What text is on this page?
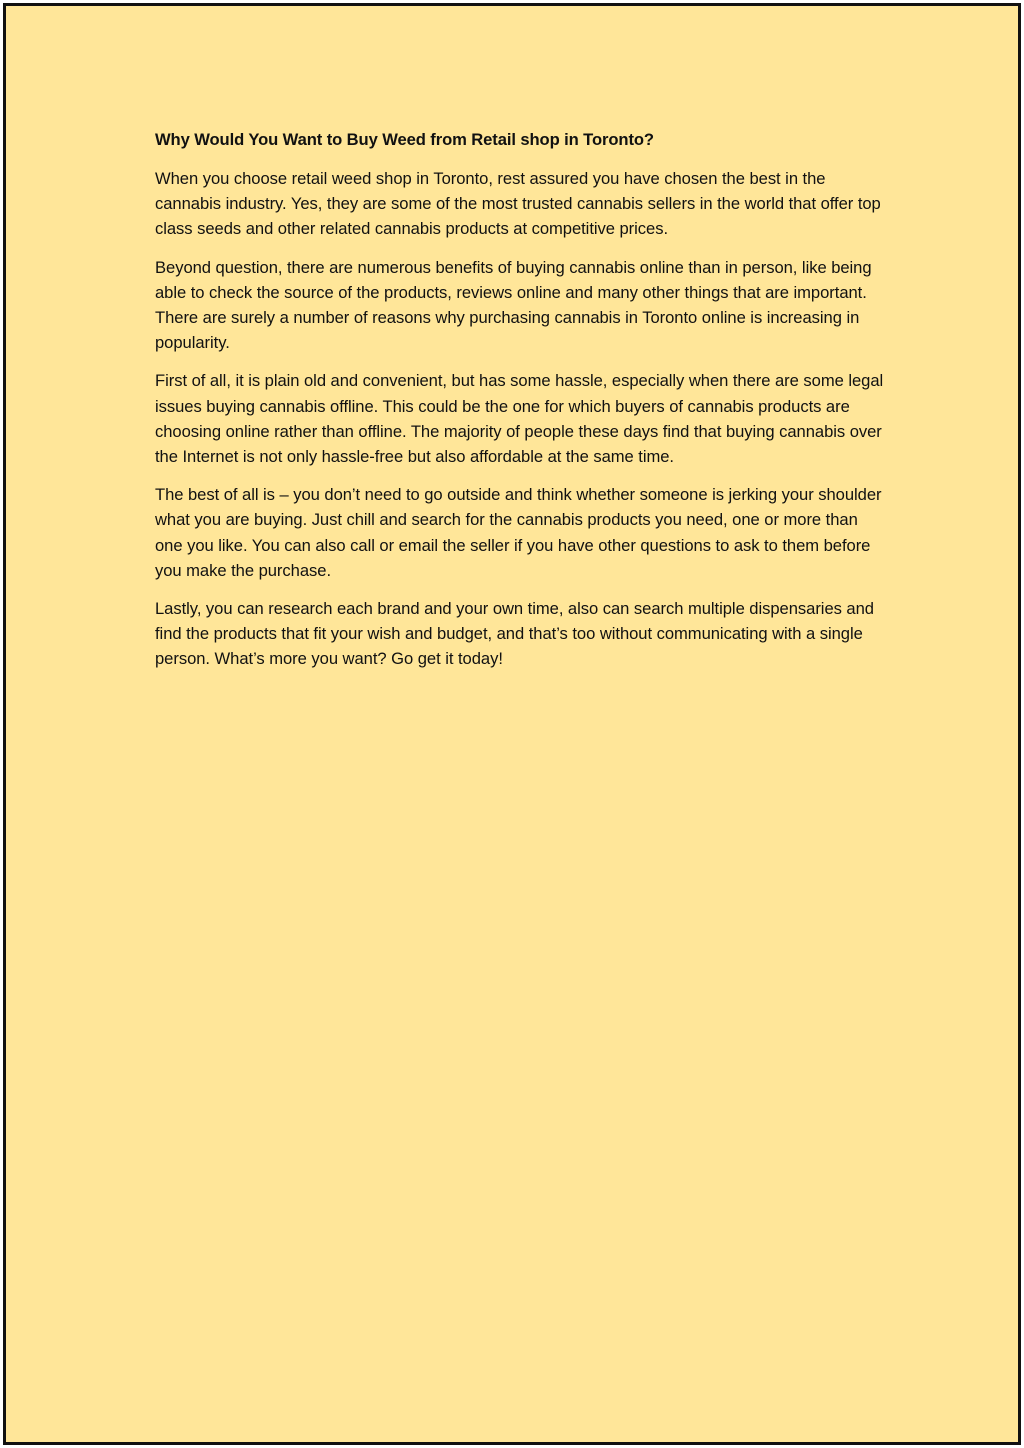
Why Would You Want to Buy Weed from Retail shop in Toronto?

When you choose retail weed shop in Toronto, rest assured you have chosen the best in the cannabis industry. Yes, they are some of the most trusted cannabis sellers in the world that offer top class seeds and other related cannabis products at competitive prices.

Beyond question, there are numerous benefits of buying cannabis online than in person, like being able to check the source of the products, reviews online and many other things that are important. There are surely a number of reasons why purchasing cannabis in Toronto online is increasing in popularity.

First of all, it is plain old and convenient, but has some hassle, especially when there are some legal issues buying cannabis offline. This could be the one for which buyers of cannabis products are choosing online rather than offline. The majority of people these days find that buying cannabis over the Internet is not only hassle-free but also affordable at the same time.

The best of all is – you don’t need to go outside and think whether someone is jerking your shoulder what you are buying. Just chill and search for the cannabis products you need, one or more than one you like. You can also call or email the seller if you have other questions to ask to them before you make the purchase.

Lastly, you can research each brand and your own time, also can search multiple dispensaries and find the products that fit your wish and budget, and that’s too without communicating with a single person. What’s more you want? Go get it today!
